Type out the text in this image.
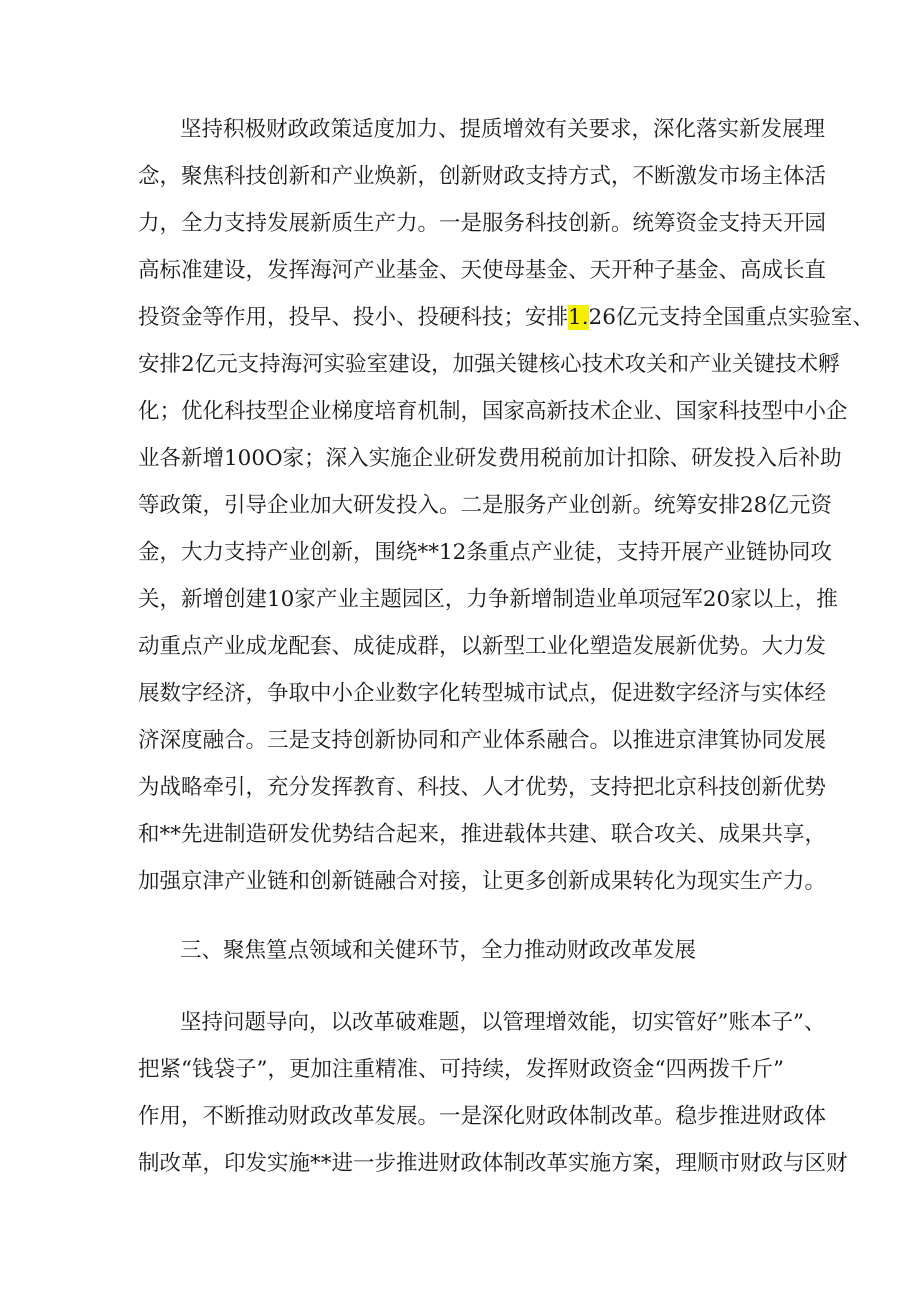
坚持积极财政政策适度加力、提质增效有关要求，深化落实新发展理
念，聚焦科技创新和产业焕新，创新财政支持方式，不断激发市场主体活
力，全力支持发展新质生产力。一是服务科技创新。统筹资金支持天开园
高标准建设，发挥海河产业基金、天使母基金、天开种子基金、高成长直
投资金等作用，投早、投小、投硬科技；安排1.26亿元支持全国重点实验室、
安排2亿元支持海河实验室建设，加强关键核心技术攻关和产业关键技术孵
化；优化科技型企业梯度培育机制，国家高新技术企业、国家科技型中小企
业各新增100O家；深入实施企业研发费用税前加计扣除、研发投入后补助
等政策，引导企业加大研发投入。二是服务产业创新。统筹安排28亿元资
金，大力支持产业创新，围绕**12条重点产业徒，支持开展产业链协同攻
关，新增创建10家产业主题园区，力争新增制造业单项冠军20家以上，推
动重点产业成龙配套、成徒成群，以新型工业化塑造发展新优势。大力发
展数字经济，争取中小企业数字化转型城市试点，促进数字经济与实体经
济深度融合。三是支持创新协同和产业体系融合。以推进京津箕协同发展
为战略牵引，充分发挥教育、科技、人才优势，支持把北京科技创新优势
和**先进制造研发优势结合起来，推进载体共建、联合攻关、成果共享，
加强京津产业链和创新链融合对接，让更多创新成果转化为现实生产力。
三、聚焦篁点领域和关健环节，全力推动财政改革发展
坚持问题导向，以改革破难题，以管理增效能，切实管好”账本子”、
把紧“钱袋子”，更加注重精准、可持续，发挥财政资金“四两拨千斤”
作用，不断推动财政改革发展。一是深化财政体制改革。稳步推进财政体
制改革，印发实施**进一步推进财政体制改革实施方案，理顺市财政与区财
